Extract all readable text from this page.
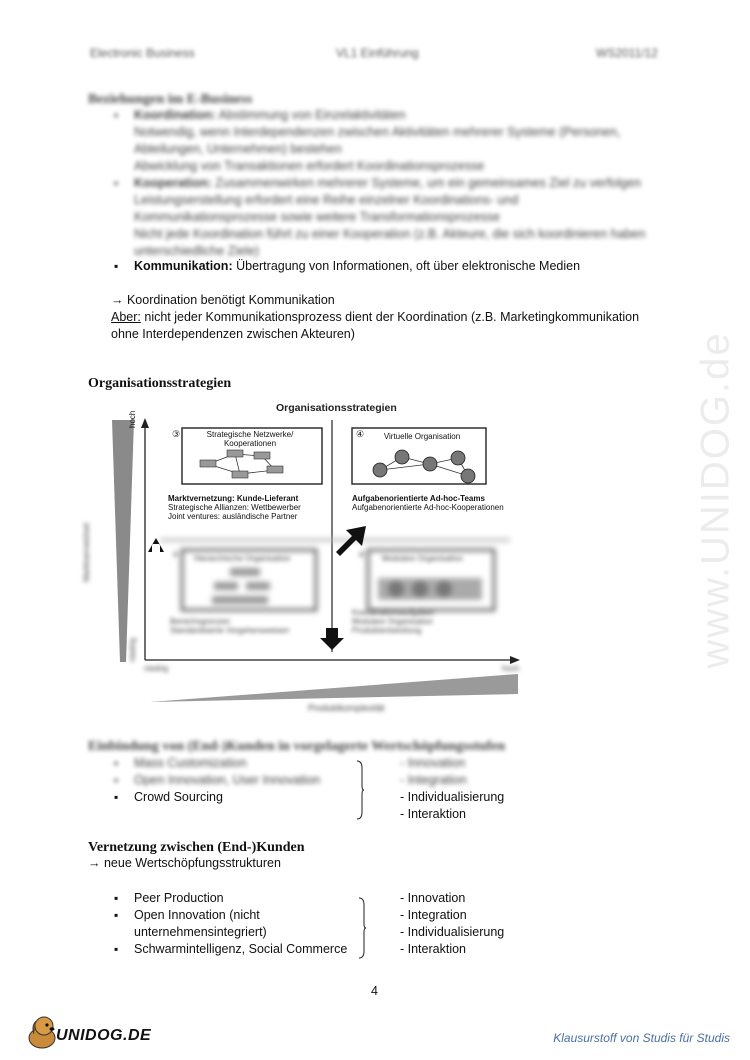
Electronic Business	VL1 Einführung	WS2011/12
www.UNIDOG.de
Beziehungen im E-Business
▪ Koordination: Abstimmung von Einzelaktivitäten
Notwendig, wenn Interdependenzen zwischen Aktivitäten mehrerer Systeme (Personen,
Abteilungen, Unternehmen) bestehen
Abwicklung von Transaktionen erfordert Koordinationsprozesse
▪ Kooperation: Zusammenwirken mehrerer Systeme, um ein gemeinsames Ziel zu verfolgen
Leistungserstellung erfordert eine Reihe einzelner Koordinations- und
Kommunikationsprozesse sowie weitere Transformationsprozesse
Nicht jede Koordination führt zu einer Kooperation (z.B. Akteure, die sich koordinieren haben
unterschiedliche Ziele)
▪ Kommunikation: Übertragung von Informationen, oft über elektronische Medien
→ Koordination benötigt Kommunikation
Aber: nicht jeder Kommunikationsprozess dient der Koordination (z.B. Marketingkommunikation
ohne Interdependenzen zwischen Akteuren)
Organisationsstrategien
Organisationsstrategien
hoch
Marktvernetzheit
niedrig
niedrig	hoch
Produktkomplexität
③	Strategische Netzwerke/ Kooperationen
Marktvernetzung: Kunde-Lieferant
Strategische Allianzen: Wettbewerber
Joint ventures: ausländische Partner
④	Virtuelle Organisation
Aufgabenorientierte Ad-hoc-Teams
Aufgabenorientierte Ad-hoc-Kooperationen
① Hierarchische Organisation
Bereichsgrenzen
Standardisierte Vorgehensweisen
② Modulare Organisation
Koordinationsaufgaben
Modulare Organisation
Produktentwicklung
Einbindung von (End-)Kunden in vorgelagerte Wertschöpfungsstufen
▪ Mass Customization
▪ Open Innovation, User Innovation
▪ Crowd Sourcing
- Innovation
- Integration
- Individualisierung
- Interaktion
Vernetzung zwischen (End-)Kunden
→ neue Wertschöpfungsstrukturen
▪ Peer Production
▪ Open Innovation (nicht
unternehmensintegriert)
▪ Schwarmintelligenz, Social Commerce
- Innovation
- Integration
- Individualisierung
- Interaktion
4
UNIDOG.DE	Klausurstoff von Studis für Studis
